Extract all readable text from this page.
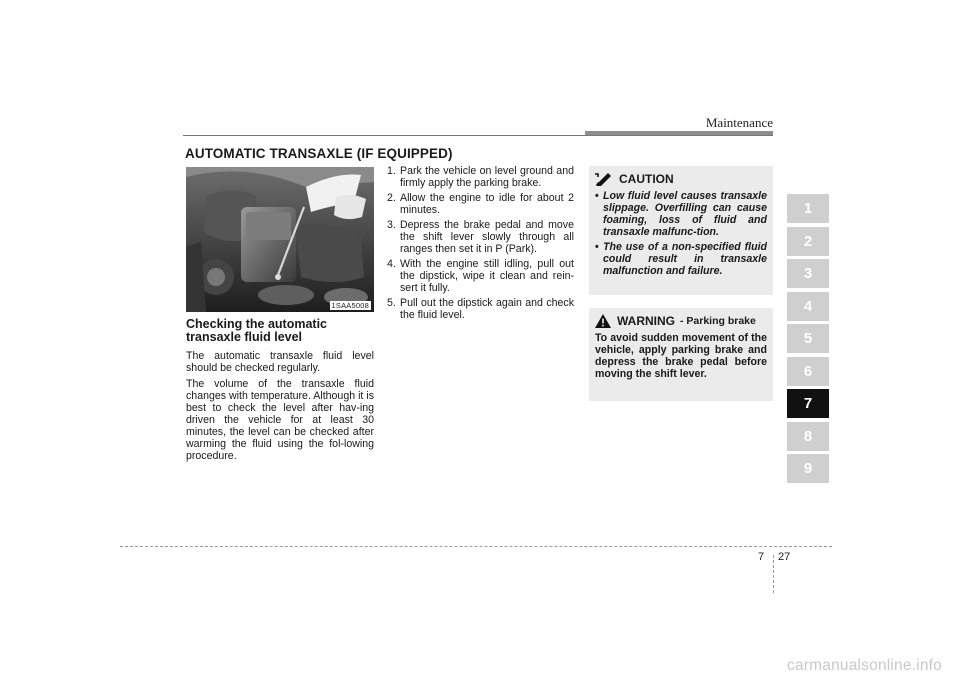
Maintenance
AUTOMATIC TRANSAXLE (IF EQUIPPED)
1SAA5008
Checking the automatic transaxle fluid level

The automatic transaxle fluid level should be checked regularly.

The volume of the transaxle fluid changes with temperature. Although it is best to check the level after hav-ing driven the vehicle for at least 30 minutes, the level can be checked after warming the fluid using the fol-lowing procedure.

1. Park the vehicle on level ground and firmly apply the parking brake.
2. Allow the engine to idle for about 2 minutes.
3. Depress the brake pedal and move the shift lever slowly through all ranges then set it in P (Park).
4. With the engine still idling, pull out the dipstick, wipe it clean and rein-sert it fully.
5. Pull out the dipstick again and check the fluid level.
CAUTION
• Low fluid level causes transaxle slippage. Overfilling can cause foaming, loss of fluid and transaxle malfunc-tion.
• The use of a non-specified fluid could result in transaxle malfunction and failure.
WARNING - Parking brake
To avoid sudden movement of the vehicle, apply parking brake and depress the brake pedal before moving the shift lever.
1
2
3
4
5
6
7
8
9
7 27
carmanualsonline.info
